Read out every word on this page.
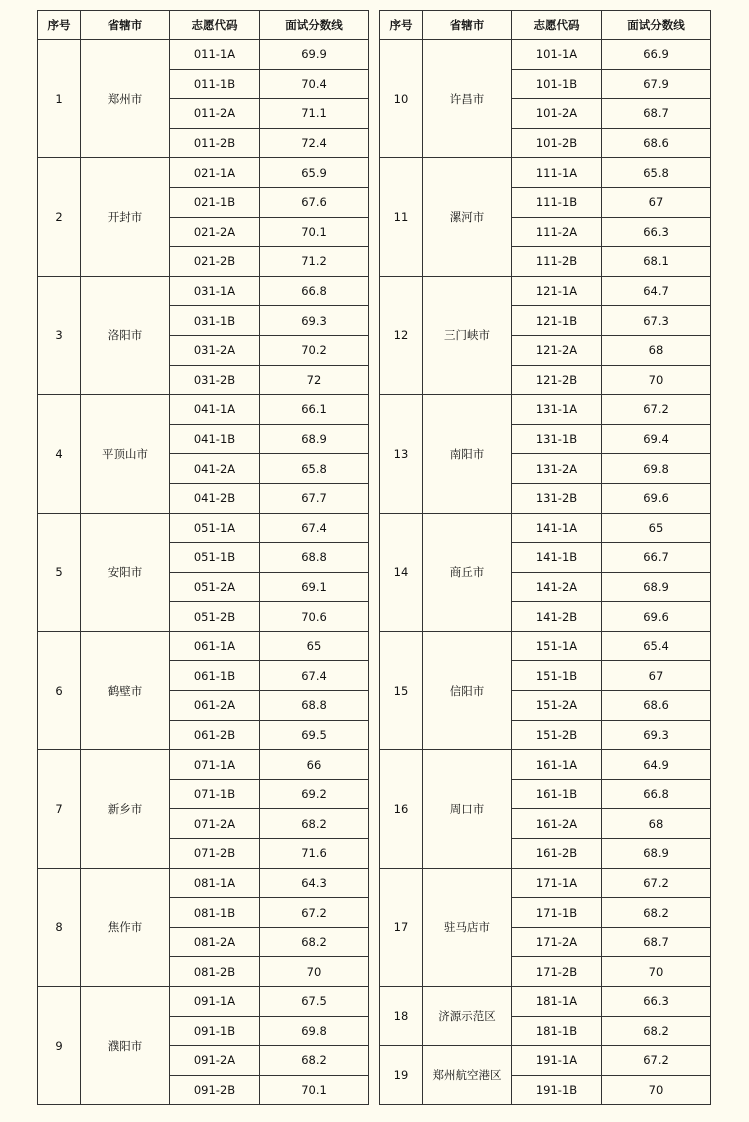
序号	省辖市	志愿代码	面试分数线
1	郑州市	011-1A	69.9
		011-1B	70.4
		011-2A	71.1
		011-2B	72.4
2	开封市	021-1A	65.9
		021-1B	67.6
		021-2A	70.1
		021-2B	71.2
3	洛阳市	031-1A	66.8
		031-1B	69.3
		031-2A	70.2
		031-2B	72
4	平顶山市	041-1A	66.1
		041-1B	68.9
		041-2A	65.8
		041-2B	67.7
5	安阳市	051-1A	67.4
		051-1B	68.8
		051-2A	69.1
		051-2B	70.6
6	鹤壁市	061-1A	65
		061-1B	67.4
		061-2A	68.8
		061-2B	69.5
7	新乡市	071-1A	66
		071-1B	69.2
		071-2A	68.2
		071-2B	71.6
8	焦作市	081-1A	64.3
		081-1B	67.2
		081-2A	68.2
		081-2B	70
9	濮阳市	091-1A	67.5
		091-1B	69.8
		091-2A	68.2
		091-2B	70.1
序号	省辖市	志愿代码	面试分数线
10	许昌市	101-1A	66.9
		101-1B	67.9
		101-2A	68.7
		101-2B	68.6
11	漯河市	111-1A	65.8
		111-1B	67
		111-2A	66.3
		111-2B	68.1
12	三门峡市	121-1A	64.7
		121-1B	67.3
		121-2A	68
		121-2B	70
13	南阳市	131-1A	67.2
		131-1B	69.4
		131-2A	69.8
		131-2B	69.6
14	商丘市	141-1A	65
		141-1B	66.7
		141-2A	68.9
		141-2B	69.6
15	信阳市	151-1A	65.4
		151-1B	67
		151-2A	68.6
		151-2B	69.3
16	周口市	161-1A	64.9
		161-1B	66.8
		161-2A	68
		161-2B	68.9
17	驻马店市	171-1A	67.2
		171-1B	68.2
		171-2A	68.7
		171-2B	70
18	济源示范区	181-1A	66.3
		181-1B	68.2
19	郑州航空港区	191-1A	67.2
		191-1B	70
